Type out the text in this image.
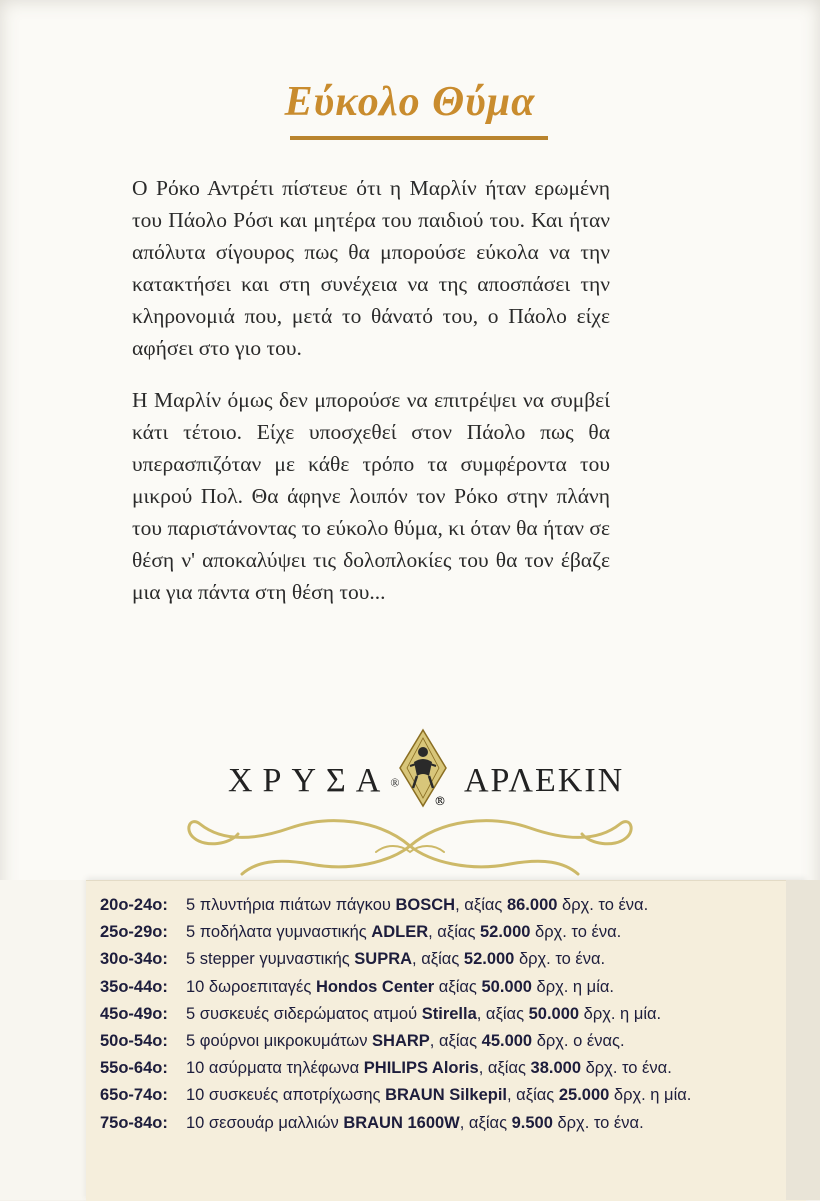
Εύκολο Θύμα

Ο Ρόκο Αντρέτι πίστευε ότι η Μαρλίν ήταν ερωμένη του Πάολο Ρόσι και μητέρα του παιδιού του. Και ήταν απόλυτα σίγουρος πως θα μπορούσε εύκολα να την κατακτήσει και στη συνέχεια να της αποσπάσει την κληρονομιά που, μετά το θάνατό του, ο Πάολο είχε αφήσει στο γιο του.

Η Μαρλίν όμως δεν μπορούσε να επιτρέψει να συμβεί κάτι τέτοιο. Είχε υποσχεθεί στον Πάολο πως θα υπερασπιζόταν με κάθε τρόπο τα συμφέροντα του μικρού Πολ. Θα άφηνε λοιπόν τον Ρόκο στην πλάνη του παριστάνοντας το εύκολο θύμα, κι όταν θα ήταν σε θέση ν' αποκαλύψει τις δολοπλοκίες του θα τον έβαζε μια για πάντα στη θέση του...

ΧΡΥΣΑ® ΑΡΛΕΚΙΝ
®
20ο-24ο: 5 πλυντήρια πιάτων πάγκου BOSCH, αξίας 86.000 δρχ. το ένα.
25ο-29ο: 5 ποδήλατα γυμναστικής ADLER, αξίας 52.000 δρχ. το ένα.
30ο-34ο: 5 stepper γυμναστικής SUPRA, αξίας 52.000 δρχ. το ένα.
35ο-44ο: 10 δωροεπιταγές Hondos Center αξίας 50.000 δρχ. η μία.
45ο-49ο: 5 συσκευές σιδερώματος ατμού Stirella, αξίας 50.000 δρχ. η μία.
50ο-54ο: 5 φούρνοι μικροκυμάτων SHARP, αξίας 45.000 δρχ. ο ένας.
55ο-64ο: 10 ασύρματα τηλέφωνα PHILIPS Aloris, αξίας 38.000 δρχ. το ένα.
65ο-74ο: 10 συσκευές αποτρίχωσης BRAUN Silkepil, αξίας 25.000 δρχ. η μία.
75ο-84ο: 10 σεσουάρ μαλλιών BRAUN 1600W, αξίας 9.500 δρχ. το ένα.
